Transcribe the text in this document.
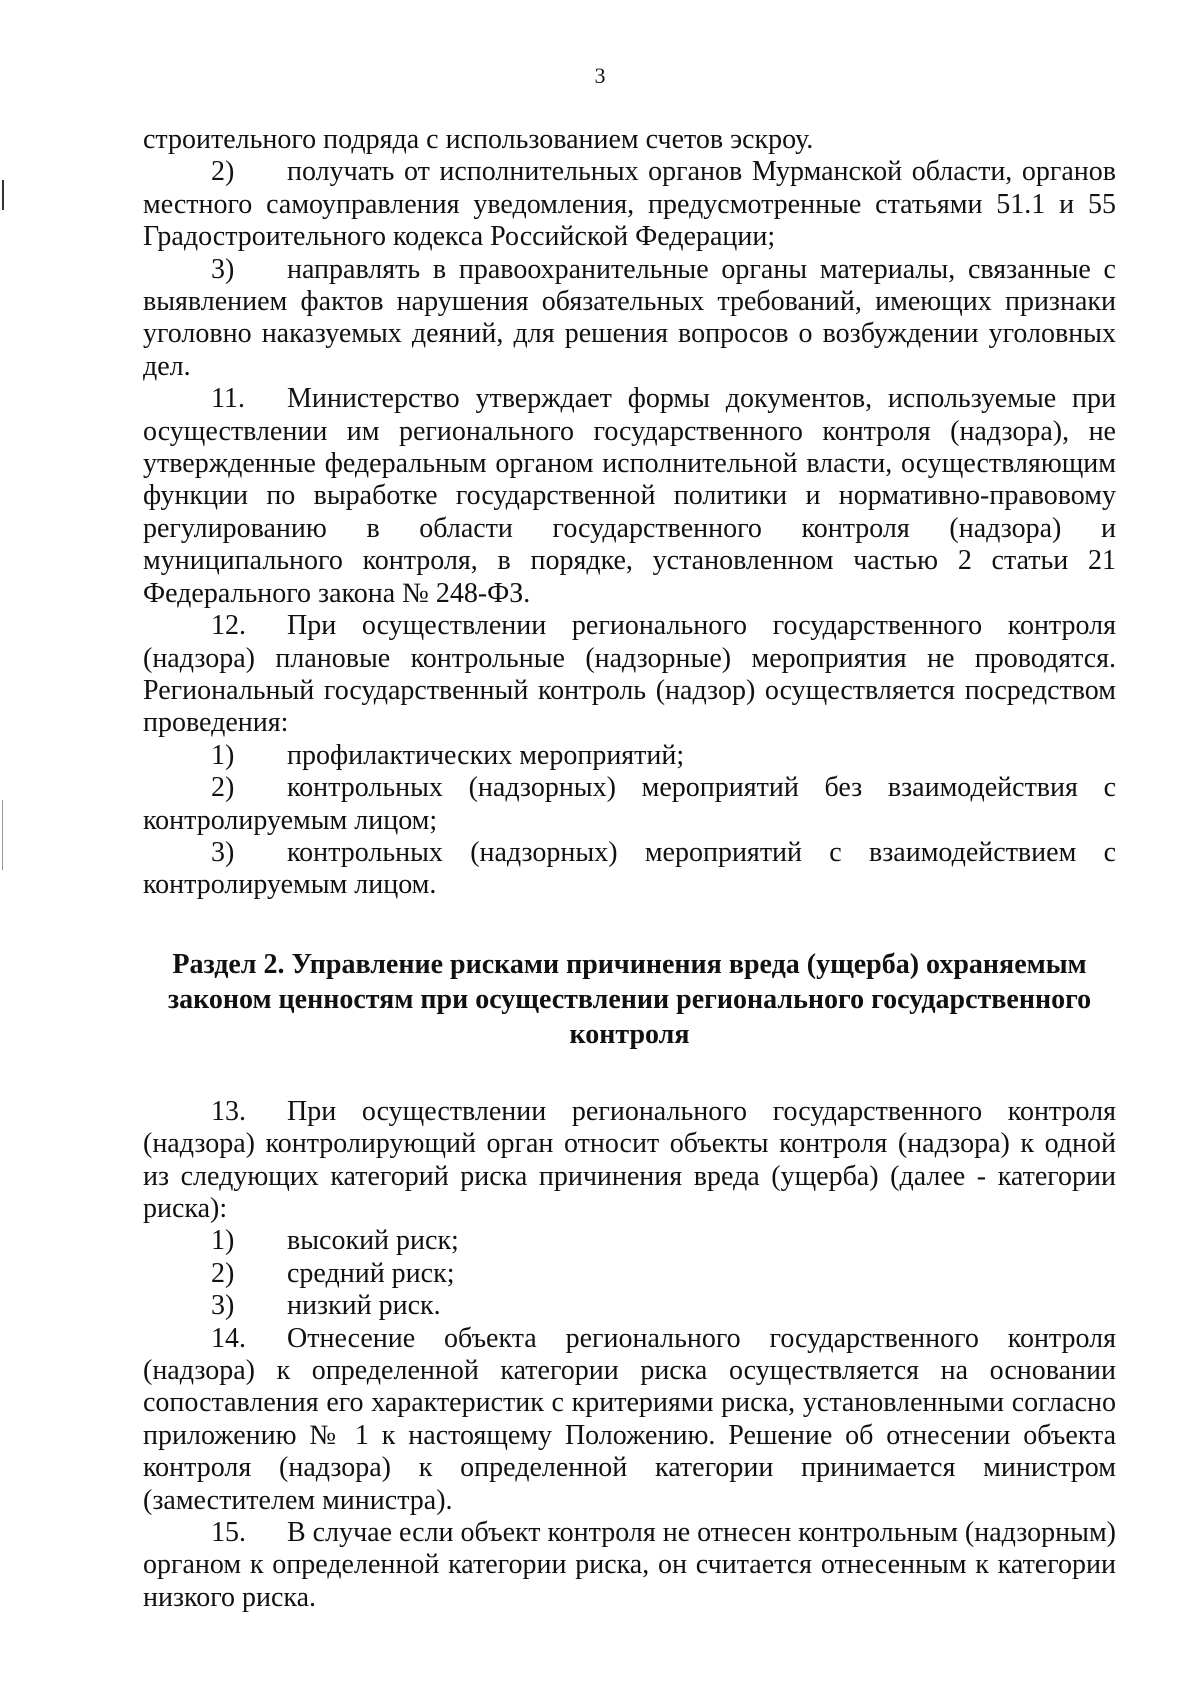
3

строительного подряда с использованием счетов эскроу.

2) получать от исполнительных органов Мурманской области, органов местного самоуправления уведомления, предусмотренные статьями 51.1 и 55 Градостроительного кодекса Российской Федерации;

3) направлять в правоохранительные органы материалы, связанные с выявлением фактов нарушения обязательных требований, имеющих признаки уголовно наказуемых деяний, для решения вопросов о возбуждении уголовных дел.

11. Министерство утверждает формы документов, используемые при осуществлении им регионального государственного контроля (надзора), не утвержденные федеральным органом исполнительной власти, осуществляющим функции по выработке государственной политики и нормативно-правовому регулированию в области государственного контроля (надзора) и муниципального контроля, в порядке, установленном частью 2 статьи 21 Федерального закона № 248-ФЗ.

12. При осуществлении регионального государственного контроля (надзора) плановые контрольные (надзорные) мероприятия не проводятся. Региональный государственный контроль (надзор) осуществляется посредством проведения:

1) профилактических мероприятий;

2) контрольных (надзорных) мероприятий без взаимодействия с контролируемым лицом;

3) контрольных (надзорных) мероприятий с взаимодействием с контролируемым лицом.

Раздел 2. Управление рисками причинения вреда (ущерба) охраняемым законом ценностям при осуществлении регионального государственного контроля

13. При осуществлении регионального государственного контроля (надзора) контролирующий орган относит объекты контроля (надзора) к одной из следующих категорий риска причинения вреда (ущерба) (далее - категории риска):

1) высокий риск;

2) средний риск;

3) низкий риск.

14. Отнесение объекта регионального государственного контроля (надзора) к определенной категории риска осуществляется на основании сопоставления его характеристик с критериями риска, установленными согласно приложению № 1 к настоящему Положению. Решение об отнесении объекта контроля (надзора) к определенной категории принимается министром (заместителем министра).

15. В случае если объект контроля не отнесен контрольным (надзорным) органом к определенной категории риска, он считается отнесенным к категории низкого риска.
